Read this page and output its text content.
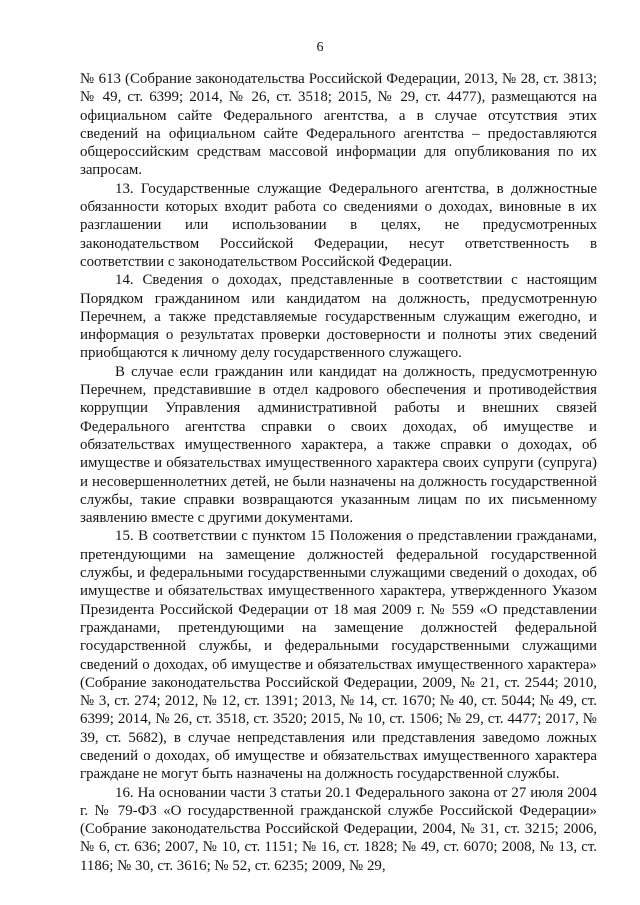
6

№ 613 (Собрание законодательства Российской Федерации, 2013, № 28, ст. 3813; № 49, ст. 6399; 2014, № 26, ст. 3518; 2015, № 29, ст. 4477), размещаются на официальном сайте Федерального агентства, а в случае отсутствия этих сведений на официальном сайте Федерального агентства – предоставляются общероссийским средствам массовой информации для опубликования по их запросам.

13. Государственные служащие Федерального агентства, в должностные обязанности которых входит работа со сведениями о доходах, виновные в их разглашении или использовании в целях, не предусмотренных законодательством Российской Федерации, несут ответственность в соответствии с законодательством Российской Федерации.

14. Сведения о доходах, представленные в соответствии с настоящим Порядком гражданином или кандидатом на должность, предусмотренную Перечнем, а также представляемые государственным служащим ежегодно, и информация о результатах проверки достоверности и полноты этих сведений приобщаются к личному делу государственного служащего.

В случае если гражданин или кандидат на должность, предусмотренную Перечнем, представившие в отдел кадрового обеспечения и противодействия коррупции Управления административной работы и внешних связей Федерального агентства справки о своих доходах, об имуществе и обязательствах имущественного характера, а также справки о доходах, об имуществе и обязательствах имущественного характера своих супруги (супруга) и несовершеннолетних детей, не были назначены на должность государственной службы, такие справки возвращаются указанным лицам по их письменному заявлению вместе с другими документами.

15. В соответствии с пунктом 15 Положения о представлении гражданами, претендующими на замещение должностей федеральной государственной службы, и федеральными государственными служащими сведений о доходах, об имуществе и обязательствах имущественного характера, утвержденного Указом Президента Российской Федерации от 18 мая 2009 г. № 559 «О представлении гражданами, претендующими на замещение должностей федеральной государственной службы, и федеральными государственными служащими сведений о доходах, об имуществе и обязательствах имущественного характера» (Собрание законодательства Российской Федерации, 2009, № 21, ст. 2544; 2010, № 3, ст. 274; 2012, № 12, ст. 1391; 2013, № 14, ст. 1670; № 40, ст. 5044; № 49, ст. 6399; 2014, № 26, ст. 3518, ст. 3520; 2015, № 10, ст. 1506; № 29, ст. 4477; 2017, № 39, ст. 5682), в случае непредставления или представления заведомо ложных сведений о доходах, об имуществе и обязательствах имущественного характера граждане не могут быть назначены на должность государственной службы.

16. На основании части 3 статьи 20.1 Федерального закона от 27 июля 2004 г. № 79-ФЗ «О государственной гражданской службе Российской Федерации» (Собрание законодательства Российской Федерации, 2004, № 31, ст. 3215; 2006, № 6, ст. 636; 2007, № 10, ст. 1151; № 16, ст. 1828; № 49, ст. 6070; 2008, № 13, ст. 1186; № 30, ст. 3616; № 52, ст. 6235; 2009, № 29,
